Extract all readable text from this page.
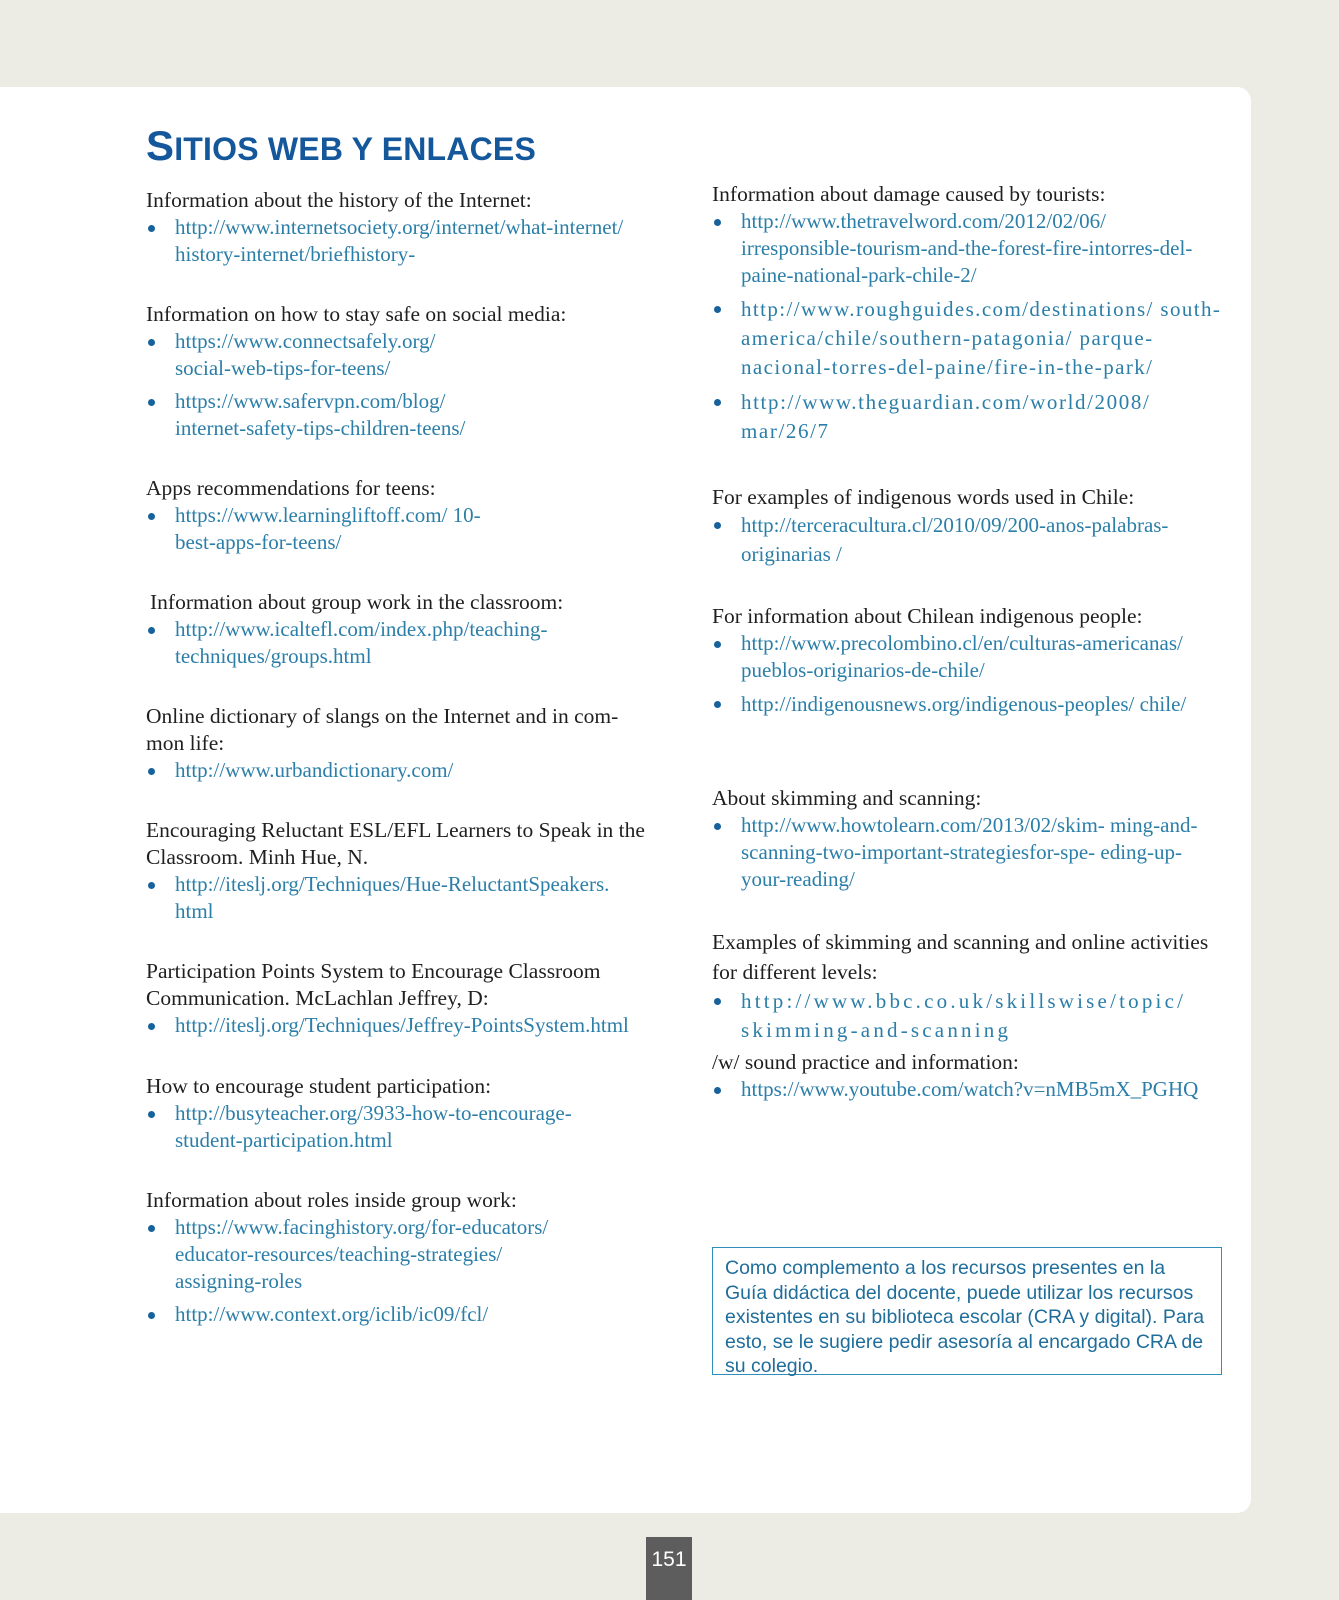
SITIOS WEB Y ENLACES
Information about the history of the Internet:
http://www.internetsociety.org/internet/what-internet/ history-internet/briefhistory-
Information on how to stay safe on social media:
https://www.connectsafely.org/ social-web-tips-for-teens/
https://www.safervpn.com/blog/ internet-safety-tips-children-teens/
Apps recommendations for teens:
https://www.learningliftoff.com/ 10-best-apps-for-teens/
Information about group work in the classroom:
http://www.icaltefl.com/index.php/teaching- techniques/groups.html
Online dictionary of slangs on the Internet and in com- mon life:
http://www.urbandictionary.com/
Encouraging Reluctant ESL/EFL Learners to Speak in the Classroom. Minh Hue, N.
http://iteslj.org/Techniques/Hue-ReluctantSpeakers. html
Participation Points System to Encourage Classroom Communication. McLachlan Jeffrey, D:
http://iteslj.org/Techniques/Jeffrey-PointsSystem.html
How to encourage student participation:
http://busyteacher.org/3933-how-to-encourage- student-participation.html
Information about roles inside group work:
https://www.facinghistory.org/for-educators/ educator-resources/teaching-strategies/ assigning-roles
http://www.context.org/iclib/ic09/fcl/
Information about damage caused by tourists:
http://www.thetravelword.com/2012/02/06/ irresponsible-tourism-and-the-forest-fire-intorres-del- paine-national-park-chile-2/
http://www.roughguides.com/destinations/ south-america/chile/southern-patagonia/ parque-nacional-torres-del-paine/fire-in-the-park/
http://www.theguardian.com/world/2008/ mar/26/7
For examples of indigenous words used in Chile:
http://terceracultura.cl/2010/09/200-anos-palabras- originarias /
For information about Chilean indigenous people:
http://www.precolombino.cl/en/culturas-americanas/ pueblos-originarios-de-chile/
http://indigenousnews.org/indigenous-peoples/ chile/
About skimming and scanning:
http://www.howtolearn.com/2013/02/skim- ming-and-scanning-two-important-strategiesfor-spe- eding-up-your-reading/
Examples of skimming and scanning and online activities for different levels:
http://www.bbc.co.uk/skillswise/topic/ skimming-and-scanning
/w/ sound practice and information:
https://www.youtube.com/watch?v=nMB5mX_PGHQ
Como complemento a los recursos presentes en la Guía didáctica del docente, puede utilizar los recursos existentes en su biblioteca escolar (CRA y digital). Para esto, se le sugiere pedir asesoría al encargado CRA de su colegio.
151
